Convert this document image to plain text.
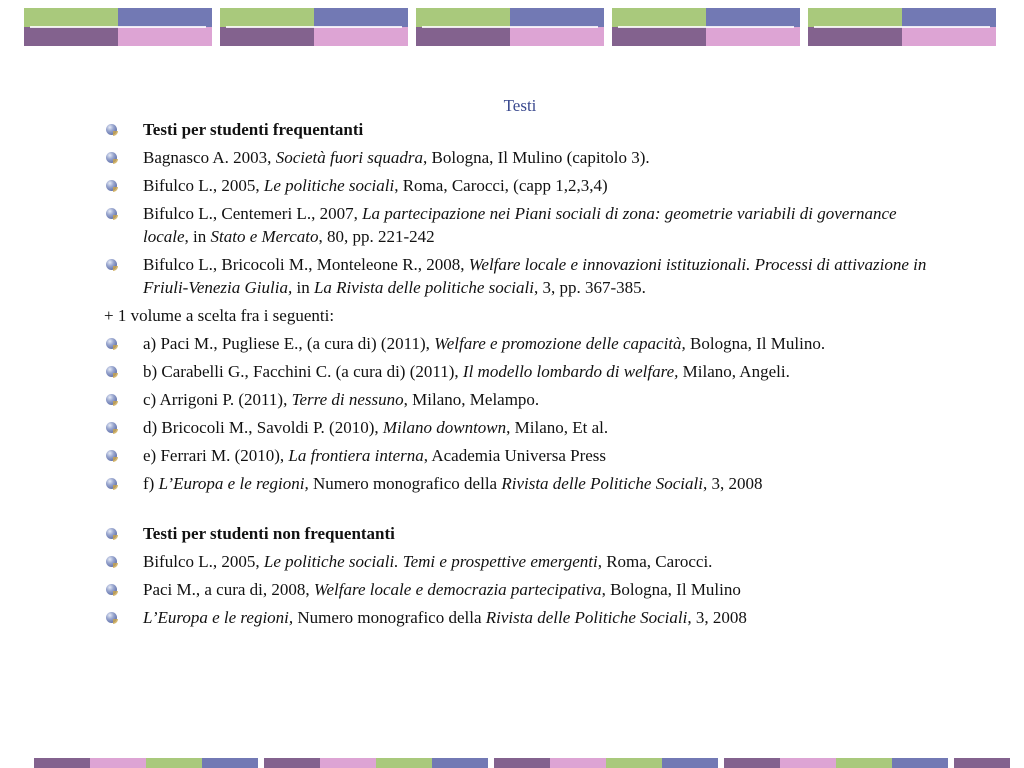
Testi
Testi per studenti frequentanti
Bagnasco A. 2003, Società fuori squadra, Bologna, Il Mulino (capitolo 3).
Bifulco L., 2005, Le politiche sociali, Roma, Carocci, (capp 1,2,3,4)
Bifulco L., Centemeri L., 2007, La partecipazione nei Piani sociali di zona: geometrie variabili di governance locale, in Stato e Mercato, 80, pp. 221-242
Bifulco L., Bricocoli M., Monteleone R., 2008, Welfare locale e innovazioni istituzionali. Processi di attivazione in Friuli-Venezia Giulia, in La Rivista delle politiche sociali, 3, pp. 367-385.
+ 1 volume a scelta fra i seguenti:
a) Paci M., Pugliese E., (a cura di) (2011), Welfare e promozione delle capacità, Bologna, Il Mulino.
b) Carabelli G., Facchini C. (a cura di) (2011), Il modello lombardo di welfare, Milano, Angeli.
c) Arrigoni P. (2011), Terre di nessuno, Milano, Melampo.
d) Bricocoli M., Savoldi P. (2010), Milano downtown, Milano, Et al.
e) Ferrari M. (2010), La frontiera interna, Academia Universa Press
f) L’Europa e le regioni, Numero monografico della Rivista delle Politiche Sociali, 3, 2008
Testi per studenti non frequentanti
Bifulco L., 2005, Le politiche sociali. Temi e prospettive emergenti, Roma, Carocci.
Paci M., a cura di, 2008, Welfare locale e democrazia partecipativa, Bologna, Il Mulino
L’Europa e le regioni, Numero monografico della Rivista delle Politiche Sociali, 3, 2008
